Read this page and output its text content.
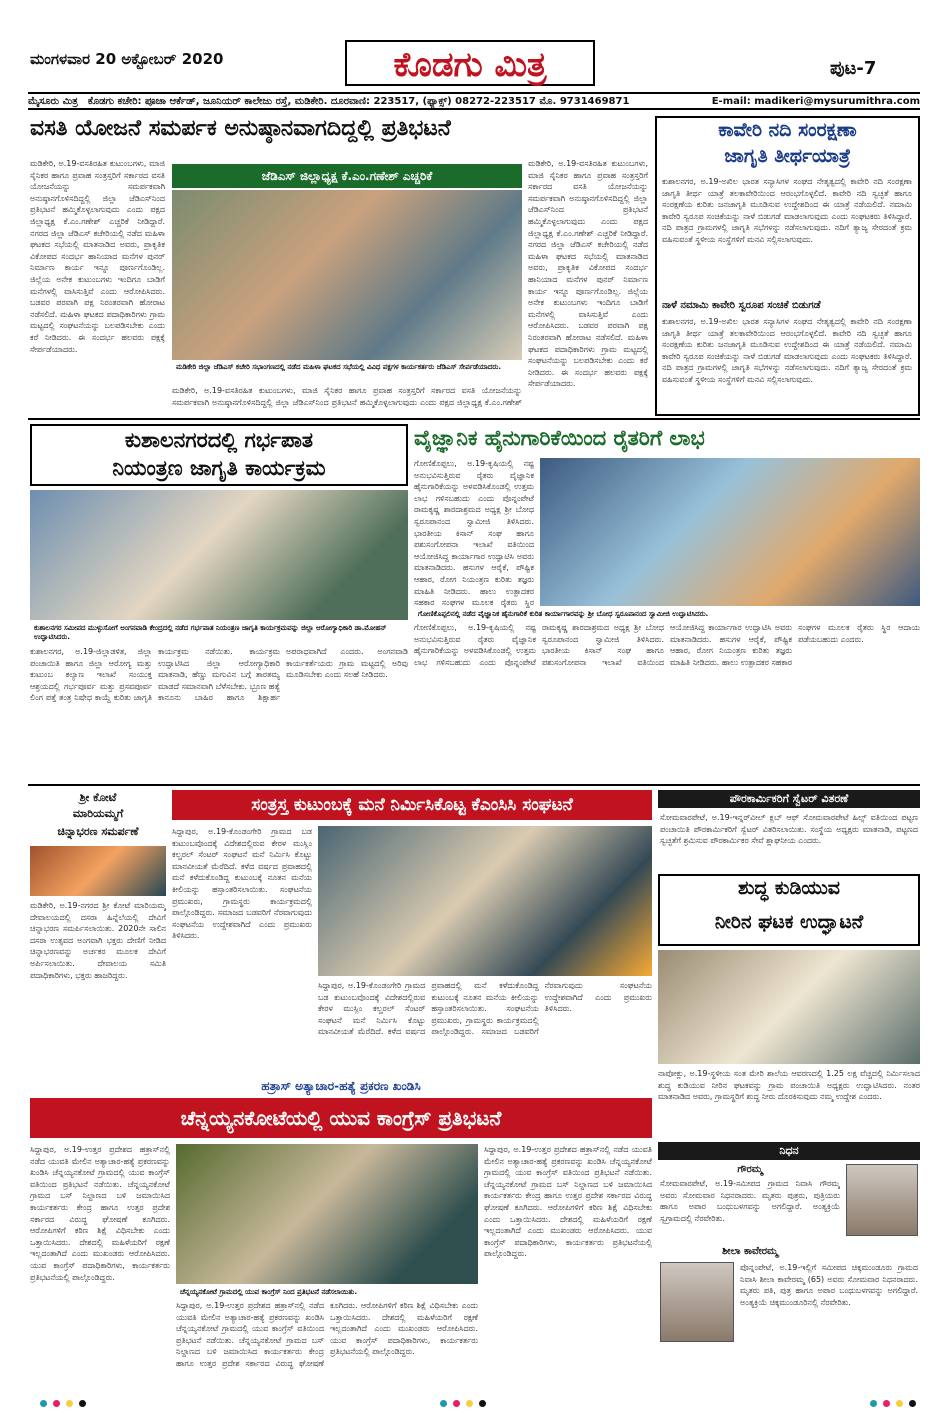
ಮಂಗಳವಾರ 20 ಅಕ್ಟೋಬರ್ 2020	ಕೊಡಗು ಮಿತ್ರ	ಪುಟ-7
ಮೈಸೂರು ಮಿತ್ರ ಕೊಡಗು ಕಚೇರಿ: ಪೂಜಾ ಆರ್ಕೆಡ್, ಜೂನಿಯರ್ ಕಾಲೇಜು ರಸ್ತೆ, ಮಡಿಕೇರಿ. ದೂರವಾಣಿ: 223517, (ಫ್ಯಾಕ್ಸ್) 08272-223517 ಮೊ. 9731469871	E-mail: madikeri@mysurumithra.com
ವಸತಿ ಯೋಜನೆ ಸಮರ್ಪಕ ಅನುಷ್ಠಾನವಾಗದಿದ್ದಲ್ಲಿ ಪ್ರತಿಭಟನೆ
ಮಡಿಕೇರಿ, ಅ.19-ವಸತಿರಹಿತ ಕುಟುಂಬಗಳು, ಮಾಜಿ ಸೈನಿಕರ ಹಾಗೂ ಪ್ರವಾಹ ಸಂತ್ರಸ್ತರಿಗೆ ಸರ್ಕಾರದ ವಸತಿ ಯೋಜನೆಯನ್ನು ಸಮರ್ಪಕವಾಗಿ ಅನುಷ್ಠಾನಗೊಳಿಸದಿದ್ದಲ್ಲಿ ಜಿಲ್ಲಾ ಜೆಡಿಎಸ್‌ನಿಂದ ಪ್ರತಿಭಟನೆ ಹಮ್ಮಿಕೊಳ್ಳಲಾಗುವುದು ಎಂದು ಪಕ್ಷದ ಜಿಲ್ಲಾಧ್ಯಕ್ಷ ಕೆ.ಎಂ.ಗಣೇಶ್ ಎಚ್ಚರಿಕೆ ನೀಡಿದ್ದಾರೆ. ನಗರದ ಜಿಲ್ಲಾ ಜೆಡಿಎಸ್ ಕಚೇರಿಯಲ್ಲಿ ನಡೆದ ಮಹಿಳಾ ಘಟಕದ ಸಭೆಯಲ್ಲಿ ಮಾತನಾಡಿದ ಅವರು, ಪ್ರಾಕೃತಿಕ ವಿಕೋಪದ ಸಂದರ್ಭ ಹಾನಿಯಾದ ಮನೆಗಳ ಪುನರ್ ನಿರ್ಮಾಣ ಕಾರ್ಯ ಇನ್ನೂ ಪೂರ್ಣಗೊಂಡಿಲ್ಲ. ಜಿಲ್ಲೆಯ ಅನೇಕ ಕುಟುಂಬಗಳು ಇಂದಿಗೂ ಬಾಡಿಗೆ ಮನೆಗಳಲ್ಲಿ ವಾಸಿಸುತ್ತಿವೆ ಎಂದು ಆರೋಪಿಸಿದರು. ಬಡವರ ಪರವಾಗಿ ಪಕ್ಷ ನಿರಂತರವಾಗಿ ಹೋರಾಟ ನಡೆಸಲಿದೆ. ಮಹಿಳಾ ಘಟಕದ ಪದಾಧಿಕಾರಿಗಳು ಗ್ರಾಮ ಮಟ್ಟದಲ್ಲಿ ಸಂಘಟನೆಯನ್ನು ಬಲಪಡಿಸಬೇಕು ಎಂದು ಕರೆ ನೀಡಿದರು. ಈ ಸಂದರ್ಭ ಹಲವರು ಪಕ್ಷಕ್ಕೆ ಸೇರ್ಪಡೆಯಾದರು.
ಜೆಡಿಎಸ್ ಜಿಲ್ಲಾಧ್ಯಕ್ಷ ಕೆ.ಎಂ.ಗಣೇಶ್ ಎಚ್ಚರಿಕೆ
ಮಡಿಕೇರಿ ಜಿಲ್ಲಾ ಜೆಡಿಎಸ್ ಕಚೇರಿ ಸಭಾಂಗಣದಲ್ಲಿ ನಡೆದ ಮಹಿಳಾ ಘಟಕದ ಸಭೆಯಲ್ಲಿ ವಿವಿಧ ಪಕ್ಷಗಳ ಕಾರ್ಯಕರ್ತರು ಜೆಡಿಎಸ್ ಸೇರ್ಪಡೆಯಾದರು.
ಮಡಿಕೇರಿ, ಅ.19-ವಸತಿರಹಿತ ಕುಟುಂಬಗಳು, ಮಾಜಿ ಸೈನಿಕರ ಹಾಗೂ ಪ್ರವಾಹ ಸಂತ್ರಸ್ತರಿಗೆ ಸರ್ಕಾರದ ವಸತಿ ಯೋಜನೆಯನ್ನು ಸಮರ್ಪಕವಾಗಿ ಅನುಷ್ಠಾನಗೊಳಿಸದಿದ್ದಲ್ಲಿ ಜಿಲ್ಲಾ ಜೆಡಿಎಸ್‌ನಿಂದ ಪ್ರತಿಭಟನೆ ಹಮ್ಮಿಕೊಳ್ಳಲಾಗುವುದು ಎಂದು ಪಕ್ಷದ ಜಿಲ್ಲಾಧ್ಯಕ್ಷ ಕೆ.ಎಂ.ಗಣೇಶ್
ಮಡಿಕೇರಿ, ಅ.19-ವಸತಿರಹಿತ ಕುಟುಂಬಗಳು, ಮಾಜಿ ಸೈನಿಕರ ಹಾಗೂ ಪ್ರವಾಹ ಸಂತ್ರಸ್ತರಿಗೆ ಸರ್ಕಾರದ ವಸತಿ ಯೋಜನೆಯನ್ನು ಸಮರ್ಪಕವಾಗಿ ಅನುಷ್ಠಾನಗೊಳಿಸದಿದ್ದಲ್ಲಿ ಜಿಲ್ಲಾ ಜೆಡಿಎಸ್‌ನಿಂದ ಪ್ರತಿಭಟನೆ ಹಮ್ಮಿಕೊಳ್ಳಲಾಗುವುದು ಎಂದು ಪಕ್ಷದ ಜಿಲ್ಲಾಧ್ಯಕ್ಷ ಕೆ.ಎಂ.ಗಣೇಶ್ ಎಚ್ಚರಿಕೆ ನೀಡಿದ್ದಾರೆ. ನಗರದ ಜಿಲ್ಲಾ ಜೆಡಿಎಸ್ ಕಚೇರಿಯಲ್ಲಿ ನಡೆದ ಮಹಿಳಾ ಘಟಕದ ಸಭೆಯಲ್ಲಿ ಮಾತನಾಡಿದ ಅವರು, ಪ್ರಾಕೃತಿಕ ವಿಕೋಪದ ಸಂದರ್ಭ ಹಾನಿಯಾದ ಮನೆಗಳ ಪುನರ್ ನಿರ್ಮಾಣ ಕಾರ್ಯ ಇನ್ನೂ ಪೂರ್ಣಗೊಂಡಿಲ್ಲ. ಜಿಲ್ಲೆಯ ಅನೇಕ ಕುಟುಂಬಗಳು ಇಂದಿಗೂ ಬಾಡಿಗೆ ಮನೆಗಳಲ್ಲಿ ವಾಸಿಸುತ್ತಿವೆ ಎಂದು ಆರೋಪಿಸಿದರು. ಬಡವರ ಪರವಾಗಿ ಪಕ್ಷ ನಿರಂತರವಾಗಿ ಹೋರಾಟ ನಡೆಸಲಿದೆ. ಮಹಿಳಾ ಘಟಕದ ಪದಾಧಿಕಾರಿಗಳು ಗ್ರಾಮ ಮಟ್ಟದಲ್ಲಿ ಸಂಘಟನೆಯನ್ನು ಬಲಪಡಿಸಬೇಕು ಎಂದು ಕರೆ ನೀಡಿದರು. ಈ ಸಂದರ್ಭ ಹಲವರು ಪಕ್ಷಕ್ಕೆ ಸೇರ್ಪಡೆಯಾದರು.
ಕಾವೇರಿ ನದಿ ಸಂರಕ್ಷಣಾ
ಜಾಗೃತಿ ತೀರ್ಥಯಾತ್ರೆ
ಕುಶಾಲನಗರ, ಅ.19-ಅಖಿಲ ಭಾರತ ಸನ್ಯಾಸಿಗಳ ಸಂಘದ ನೇತೃತ್ವದಲ್ಲಿ ಕಾವೇರಿ ನದಿ ಸಂರಕ್ಷಣಾ ಜಾಗೃತಿ ತೀರ್ಥ ಯಾತ್ರೆ ತಲಕಾವೇರಿಯಿಂದ ಆರಂಭಗೊಳ್ಳಲಿದೆ. ಕಾವೇರಿ ನದಿ ಸ್ವಚ್ಛತೆ ಹಾಗೂ ಸಂರಕ್ಷಣೆಯ ಕುರಿತು ಜನಜಾಗೃತಿ ಮೂಡಿಸುವ ಉದ್ದೇಶದಿಂದ ಈ ಯಾತ್ರೆ ನಡೆಯಲಿದೆ. ನಮಾಮಿ ಕಾವೇರಿ ಸ್ವರೂಪ ಸಂಚಿಕೆಯನ್ನು ನಾಳೆ ಬಿಡುಗಡೆ ಮಾಡಲಾಗುವುದು ಎಂದು ಸಂಘಟಕರು ತಿಳಿಸಿದ್ದಾರೆ. ನದಿ ಪಾತ್ರದ ಗ್ರಾಮಗಳಲ್ಲಿ ಜಾಗೃತಿ ಸಭೆಗಳನ್ನು ನಡೆಸಲಾಗುವುದು. ನದಿಗೆ ತ್ಯಾಜ್ಯ ಸೇರದಂತೆ ಕ್ರಮ ವಹಿಸುವಂತೆ ಸ್ಥಳೀಯ ಸಂಸ್ಥೆಗಳಿಗೆ ಮನವಿ ಸಲ್ಲಿಸಲಾಗುವುದು.
ನಾಳೆ ನಮಾಮಿ ಕಾವೇರಿ ಸ್ವರೂಪ ಸಂಚಿಕೆ ಬಿಡುಗಡೆ
ಕುಶಾಲನಗರ, ಅ.19-ಅಖಿಲ ಭಾರತ ಸನ್ಯಾಸಿಗಳ ಸಂಘದ ನೇತೃತ್ವದಲ್ಲಿ ಕಾವೇರಿ ನದಿ ಸಂರಕ್ಷಣಾ ಜಾಗೃತಿ ತೀರ್ಥ ಯಾತ್ರೆ ತಲಕಾವೇರಿಯಿಂದ ಆರಂಭಗೊಳ್ಳಲಿದೆ. ಕಾವೇರಿ ನದಿ ಸ್ವಚ್ಛತೆ ಹಾಗೂ ಸಂರಕ್ಷಣೆಯ ಕುರಿತು ಜನಜಾಗೃತಿ ಮೂಡಿಸುವ ಉದ್ದೇಶದಿಂದ ಈ ಯಾತ್ರೆ ನಡೆಯಲಿದೆ. ನಮಾಮಿ ಕಾವೇರಿ ಸ್ವರೂಪ ಸಂಚಿಕೆಯನ್ನು ನಾಳೆ ಬಿಡುಗಡೆ ಮಾಡಲಾಗುವುದು ಎಂದು ಸಂಘಟಕರು ತಿಳಿಸಿದ್ದಾರೆ. ನದಿ ಪಾತ್ರದ ಗ್ರಾಮಗಳಲ್ಲಿ ಜಾಗೃತಿ ಸಭೆಗಳನ್ನು ನಡೆಸಲಾಗುವುದು. ನದಿಗೆ ತ್ಯಾಜ್ಯ ಸೇರದಂತೆ ಕ್ರಮ ವಹಿಸುವಂತೆ ಸ್ಥಳೀಯ ಸಂಸ್ಥೆಗಳಿಗೆ ಮನವಿ ಸಲ್ಲಿಸಲಾಗುವುದು.
ಕುಶಾಲನಗರದಲ್ಲಿ ಗರ್ಭಪಾತ
ನಿಯಂತ್ರಣ ಜಾಗೃತಿ ಕಾರ್ಯಕ್ರಮ
ಕುಶಾಲನಗರ ಸಮೀಪದ ಮುಳ್ಳುಸೋಗೆ ಅಂಗನವಾಡಿ ಕೇಂದ್ರದಲ್ಲಿ ನಡೆದ ಗರ್ಭಪಾತ ನಿಯಂತ್ರಣ ಜಾಗೃತಿ ಕಾರ್ಯಕ್ರಮವನ್ನು ಜಿಲ್ಲಾ ಆರೋಗ್ಯಾಧಿಕಾರಿ ಡಾ.ಮೋಹನ್ ಉದ್ಘಾಟಿಸಿದರು.
ಕುಶಾಲನಗರ, ಅ.19-ಜಿಲ್ಲಾಡಳಿತ, ಜಿಲ್ಲಾ ಪಂಚಾಯಿತಿ ಹಾಗೂ ಜಿಲ್ಲಾ ಆರೋಗ್ಯ ಮತ್ತು ಕುಟುಂಬ ಕಲ್ಯಾಣ ಇಲಾಖೆ ಸಂಯುಕ್ತ ಆಶ್ರಯದಲ್ಲಿ ಗರ್ಭಪೂರ್ವ ಮತ್ತು ಪ್ರಸವಪೂರ್ವ ಲಿಂಗ ಪತ್ತೆ ತಂತ್ರ ನಿಷೇಧ ಕಾಯ್ದೆ ಕುರಿತು ಜಾಗೃತಿ ಕಾರ್ಯಕ್ರಮ ನಡೆಯಿತು. ಕಾರ್ಯಕ್ರಮ ಉದ್ಘಾಟಿಸಿದ ಜಿಲ್ಲಾ ಆರೋಗ್ಯಾಧಿಕಾರಿ ಮಾತನಾಡಿ, ಹೆಣ್ಣು ಮಗುವಿನ ಬಗ್ಗೆ ತಾರತಮ್ಯ ಮಾಡದೆ ಸಮಾನವಾಗಿ ಬೆಳೆಸಬೇಕು. ಭ್ರೂಣ ಹತ್ಯೆ ಕಾನೂನು ಬಾಹಿರ ಹಾಗೂ ಶಿಕ್ಷಾರ್ಹ ಅಪರಾಧವಾಗಿದೆ ಎಂದರು. ಅಂಗನವಾಡಿ ಕಾರ್ಯಕರ್ತೆಯರು ಗ್ರಾಮ ಮಟ್ಟದಲ್ಲಿ ಅರಿವು ಮೂಡಿಸಬೇಕು ಎಂದು ಸಲಹೆ ನೀಡಿದರು.
ವೈಜ್ಞಾನಿಕ ಹೈನುಗಾರಿಕೆಯಿಂದ ರೈತರಿಗೆ ಲಾಭ
ಗೋಣಿಕೊಪ್ಪಲು, ಅ.19-ಕೃಷಿಯಲ್ಲಿ ನಷ್ಟ ಅನುಭವಿಸುತ್ತಿರುವ ರೈತರು ವೈಜ್ಞಾನಿಕ ಹೈನುಗಾರಿಕೆಯನ್ನು ಅಳವಡಿಸಿಕೊಂಡಲ್ಲಿ ಉತ್ತಮ ಲಾಭ ಗಳಿಸಬಹುದು ಎಂದು ಪೊನ್ನಂಪೇಟೆ ರಾಮಕೃಷ್ಣ ಶಾರದಾಶ್ರಮದ ಅಧ್ಯಕ್ಷ ಶ್ರೀ ಬೋಧ ಸ್ವರೂಪಾನಂದ ಸ್ವಾಮೀಜಿ ತಿಳಿಸಿದರು. ಭಾರತೀಯ ಕಿಸಾನ್ ಸಂಘ ಹಾಗೂ ಪಶುಸಂಗೋಪನಾ ಇಲಾಖೆ ವತಿಯಿಂದ ಆಯೋಜಿಸಿದ್ದ ಕಾರ್ಯಾಗಾರ ಉದ್ಘಾಟಿಸಿ ಅವರು ಮಾತನಾಡಿದರು. ಹಸುಗಳ ಆರೈಕೆ, ಪೌಷ್ಟಿಕ ಆಹಾರ, ರೋಗ ನಿಯಂತ್ರಣ ಕುರಿತು ತಜ್ಞರು ಮಾಹಿತಿ ನೀಡಿದರು. ಹಾಲು ಉತ್ಪಾದಕರ ಸಹಕಾರ ಸಂಘಗಳ ಮೂಲಕ ರೈತರು ಸ್ಥಿರ
ಗೋಣಿಕೊಪ್ಪಲಿನಲ್ಲಿ ನಡೆದ ವೈಜ್ಞಾನಿಕ ಹೈನುಗಾರಿಕೆ ಕುರಿತ ಕಾರ್ಯಾಗಾರವನ್ನು ಶ್ರೀ ಬೋಧ ಸ್ವರೂಪಾನಂದ ಸ್ವಾಮೀಜಿ ಉದ್ಘಾಟಿಸಿದರು.
ಗೋಣಿಕೊಪ್ಪಲು, ಅ.19-ಕೃಷಿಯಲ್ಲಿ ನಷ್ಟ ಅನುಭವಿಸುತ್ತಿರುವ ರೈತರು ವೈಜ್ಞಾನಿಕ ಹೈನುಗಾರಿಕೆಯನ್ನು ಅಳವಡಿಸಿಕೊಂಡಲ್ಲಿ ಉತ್ತಮ ಲಾಭ ಗಳಿಸಬಹುದು ಎಂದು ಪೊನ್ನಂಪೇಟೆ ರಾಮಕೃಷ್ಣ ಶಾರದಾಶ್ರಮದ ಅಧ್ಯಕ್ಷ ಶ್ರೀ ಬೋಧ ಸ್ವರೂಪಾನಂದ ಸ್ವಾಮೀಜಿ ತಿಳಿಸಿದರು. ಭಾರತೀಯ ಕಿಸಾನ್ ಸಂಘ ಹಾಗೂ ಪಶುಸಂಗೋಪನಾ ಇಲಾಖೆ ವತಿಯಿಂದ ಆಯೋಜಿಸಿದ್ದ ಕಾರ್ಯಾಗಾರ ಉದ್ಘಾಟಿಸಿ ಅವರು ಮಾತನಾಡಿದರು. ಹಸುಗಳ ಆರೈಕೆ, ಪೌಷ್ಟಿಕ ಆಹಾರ, ರೋಗ ನಿಯಂತ್ರಣ ಕುರಿತು ತಜ್ಞರು ಮಾಹಿತಿ ನೀಡಿದರು. ಹಾಲು ಉತ್ಪಾದಕರ ಸಹಕಾರ ಸಂಘಗಳ ಮೂಲಕ ರೈತರು ಸ್ಥಿರ ಆದಾಯ ಪಡೆಯಬಹುದು ಎಂದರು.
ಶ್ರೀ ಕೋಟೆ
ಮಾರಿಯಮ್ಮಗೆ
ಚಿನ್ನಾಭರಣ ಸಮರ್ಪಣೆ
ಮಡಿಕೇರಿ, ಅ.19-ನಗರದ ಶ್ರೀ ಕೋಟೆ ಮಾರಿಯಮ್ಮ ದೇವಾಲಯದಲ್ಲಿ ದಸರಾ ಹಿನ್ನೆಲೆಯಲ್ಲಿ ದೇವಿಗೆ ಚಿನ್ನಾಭರಣ ಸಮರ್ಪಿಸಲಾಯಿತು. 2020ನೇ ಸಾಲಿನ ದಸರಾ ಉತ್ಸವದ ಅಂಗವಾಗಿ ಭಕ್ತರು ದೇಣಿಗೆ ನೀಡಿದ ಚಿನ್ನಾಭರಣವನ್ನು ಅರ್ಚಕರ ಮೂಲಕ ದೇವಿಗೆ ಅರ್ಪಿಸಲಾಯಿತು. ದೇವಾಲಯ ಸಮಿತಿ ಪದಾಧಿಕಾರಿಗಳು, ಭಕ್ತರು ಹಾಜರಿದ್ದರು.
ಸಂತ್ರಸ್ತ ಕುಟುಂಬಕ್ಕೆ ಮನೆ ನಿರ್ಮಿಸಿಕೊಟ್ಟ ಕೆಎಂಸಿಸಿ ಸಂಘಟನೆ
ಸಿದ್ದಾಪುರ, ಅ.19-ಕೊಂಡಂಗೇರಿ ಗ್ರಾಮದ ಬಡ ಕುಟುಂಬವೊಂದಕ್ಕೆ ವಿದೇಶದಲ್ಲಿರುವ ಕೇರಳ ಮುಸ್ಲಿಂ ಕಲ್ಚರಲ್ ಸೆಂಟರ್ ಸಂಘಟನೆ ಮನೆ ನಿರ್ಮಿಸಿ ಕೊಟ್ಟು ಮಾನವೀಯತೆ ಮೆರೆದಿದೆ. ಕಳೆದ ವರ್ಷದ ಪ್ರವಾಹದಲ್ಲಿ ಮನೆ ಕಳೆದುಕೊಂಡಿದ್ದ ಕುಟುಂಬಕ್ಕೆ ನೂತನ ಮನೆಯ ಕೀಲಿಯನ್ನು ಹಸ್ತಾಂತರಿಸಲಾಯಿತು. ಸಂಘಟನೆಯ ಪ್ರಮುಖರು, ಗ್ರಾಮಸ್ಥರು ಕಾರ್ಯಕ್ರಮದಲ್ಲಿ ಪಾಲ್ಗೊಂಡಿದ್ದರು. ಸಮಾಜದ ಬಡವರಿಗೆ ನೆರವಾಗುವುದು ಸಂಘಟನೆಯ ಉದ್ದೇಶವಾಗಿದೆ ಎಂದು ಪ್ರಮುಖರು ತಿಳಿಸಿದರು.
ಸಿದ್ದಾಪುರ, ಅ.19-ಕೊಂಡಂಗೇರಿ ಗ್ರಾಮದ ಬಡ ಕುಟುಂಬವೊಂದಕ್ಕೆ ವಿದೇಶದಲ್ಲಿರುವ ಕೇರಳ ಮುಸ್ಲಿಂ ಕಲ್ಚರಲ್ ಸೆಂಟರ್ ಸಂಘಟನೆ ಮನೆ ನಿರ್ಮಿಸಿ ಕೊಟ್ಟು ಮಾನವೀಯತೆ ಮೆರೆದಿದೆ. ಕಳೆದ ವರ್ಷದ ಪ್ರವಾಹದಲ್ಲಿ ಮನೆ ಕಳೆದುಕೊಂಡಿದ್ದ ಕುಟುಂಬಕ್ಕೆ ನೂತನ ಮನೆಯ ಕೀಲಿಯನ್ನು ಹಸ್ತಾಂತರಿಸಲಾಯಿತು. ಸಂಘಟನೆಯ ಪ್ರಮುಖರು, ಗ್ರಾಮಸ್ಥರು ಕಾರ್ಯಕ್ರಮದಲ್ಲಿ ಪಾಲ್ಗೊಂಡಿದ್ದರು. ಸಮಾಜದ ಬಡವರಿಗೆ ನೆರವಾಗುವುದು ಸಂಘಟನೆಯ ಉದ್ದೇಶವಾಗಿದೆ ಎಂದು ಪ್ರಮುಖರು ತಿಳಿಸಿದರು.
ಪೌರಕಾರ್ಮಿಕರಿಗೆ ಸ್ವೆಟರ್ ವಿತರಣೆ
ಸೋಮವಾರಪೇಟೆ, ಅ.19-ಇನ್ನರ್‌ವೀಲ್ ಕ್ಲಬ್ ಆಫ್ ಸೋಮವಾರಪೇಟೆ ಹಿಲ್ಸ್ ವತಿಯಿಂದ ಪಟ್ಟಣ ಪಂಚಾಯಿತಿ ಪೌರಕಾರ್ಮಿಕರಿಗೆ ಸ್ವೆಟರ್ ವಿತರಿಸಲಾಯಿತು. ಸಂಸ್ಥೆಯ ಅಧ್ಯಕ್ಷರು ಮಾತನಾಡಿ, ಪಟ್ಟಣದ ಸ್ವಚ್ಛತೆಗೆ ಶ್ರಮಿಸುವ ಪೌರಕಾರ್ಮಿಕರ ಸೇವೆ ಶ್ಲಾಘನೀಯ ಎಂದರು.
ಶುದ್ಧ ಕುಡಿಯುವ
ನೀರಿನ ಘಟಕ ಉದ್ಘಾಟನೆ
ನಾಪೋಕ್ಲು, ಅ.19-ಸ್ಥಳೀಯ ಸಂತ ಮೇರಿ ಶಾಲೆಯ ಆವರಣದಲ್ಲಿ 1.25 ಲಕ್ಷ ವೆಚ್ಚದಲ್ಲಿ ನಿರ್ಮಿಸಲಾದ ಶುದ್ಧ ಕುಡಿಯುವ ನೀರಿನ ಘಟಕವನ್ನು ಗ್ರಾಮ ಪಂಚಾಯಿತಿ ಅಧ್ಯಕ್ಷರು ಉದ್ಘಾಟಿಸಿದರು. ನಂತರ ಮಾತನಾಡಿದ ಅವರು, ಗ್ರಾಮಸ್ಥರಿಗೆ ಶುದ್ಧ ನೀರು ದೊರಕಿಸುವುದು ನಮ್ಮ ಉದ್ದೇಶ ಎಂದರು.
ಹತ್ರಾಸ್ ಅತ್ಯಾಚಾರ-ಹತ್ಯೆ ಪ್ರಕರಣ ಖಂಡಿಸಿ
ಚೆನ್ನಯ್ಯನಕೋಟೆಯಲ್ಲಿ ಯುವ ಕಾಂಗ್ರೆಸ್ ಪ್ರತಿಭಟನೆ
ಸಿದ್ದಾಪುರ, ಅ.19-ಉತ್ತರ ಪ್ರದೇಶದ ಹತ್ರಾಸ್‌ನಲ್ಲಿ ನಡೆದ ಯುವತಿ ಮೇಲಿನ ಅತ್ಯಾಚಾರ-ಹತ್ಯೆ ಪ್ರಕರಣವನ್ನು ಖಂಡಿಸಿ ಚೆನ್ನಯ್ಯನಕೋಟೆ ಗ್ರಾಮದಲ್ಲಿ ಯುವ ಕಾಂಗ್ರೆಸ್ ವತಿಯಿಂದ ಪ್ರತಿಭಟನೆ ನಡೆಯಿತು. ಚೆನ್ನಯ್ಯನಕೋಟೆ ಗ್ರಾಮದ ಬಸ್ ನಿಲ್ದಾಣದ ಬಳಿ ಜಮಾಯಿಸಿದ ಕಾರ್ಯಕರ್ತರು ಕೇಂದ್ರ ಹಾಗೂ ಉತ್ತರ ಪ್ರದೇಶ ಸರ್ಕಾರದ ವಿರುದ್ಧ ಘೋಷಣೆ ಕೂಗಿದರು. ಆರೋಪಿಗಳಿಗೆ ಕಠಿಣ ಶಿಕ್ಷೆ ವಿಧಿಸಬೇಕು ಎಂದು ಒತ್ತಾಯಿಸಿದರು. ದೇಶದಲ್ಲಿ ಮಹಿಳೆಯರಿಗೆ ರಕ್ಷಣೆ ಇಲ್ಲದಂತಾಗಿದೆ ಎಂದು ಮುಖಂಡರು ಆರೋಪಿಸಿದರು. ಯುವ ಕಾಂಗ್ರೆಸ್ ಪದಾಧಿಕಾರಿಗಳು, ಕಾರ್ಯಕರ್ತರು ಪ್ರತಿಭಟನೆಯಲ್ಲಿ ಪಾಲ್ಗೊಂಡಿದ್ದರು.
ಚೆನ್ನಯ್ಯನಕೋಟೆ ಗ್ರಾಮದಲ್ಲಿ ಯುವ ಕಾಂಗ್ರೆಸ್ ನಿಂದ ಪ್ರತಿಭಟನೆ ನಡೆಸಲಾಯಿತು.
ಸಿದ್ದಾಪುರ, ಅ.19-ಉತ್ತರ ಪ್ರದೇಶದ ಹತ್ರಾಸ್‌ನಲ್ಲಿ ನಡೆದ ಯುವತಿ ಮೇಲಿನ ಅತ್ಯಾಚಾರ-ಹತ್ಯೆ ಪ್ರಕರಣವನ್ನು ಖಂಡಿಸಿ ಚೆನ್ನಯ್ಯನಕೋಟೆ ಗ್ರಾಮದಲ್ಲಿ ಯುವ ಕಾಂಗ್ರೆಸ್ ವತಿಯಿಂದ ಪ್ರತಿಭಟನೆ ನಡೆಯಿತು. ಚೆನ್ನಯ್ಯನಕೋಟೆ ಗ್ರಾಮದ ಬಸ್ ನಿಲ್ದಾಣದ ಬಳಿ ಜಮಾಯಿಸಿದ ಕಾರ್ಯಕರ್ತರು ಕೇಂದ್ರ ಹಾಗೂ ಉತ್ತರ ಪ್ರದೇಶ ಸರ್ಕಾರದ ವಿರುದ್ಧ ಘೋಷಣೆ ಕೂಗಿದರು. ಆರೋಪಿಗಳಿಗೆ ಕಠಿಣ ಶಿಕ್ಷೆ ವಿಧಿಸಬೇಕು ಎಂದು ಒತ್ತಾಯಿಸಿದರು. ದೇಶದಲ್ಲಿ ಮಹಿಳೆಯರಿಗೆ ರಕ್ಷಣೆ ಇಲ್ಲದಂತಾಗಿದೆ ಎಂದು ಮುಖಂಡರು ಆರೋಪಿಸಿದರು. ಯುವ ಕಾಂಗ್ರೆಸ್ ಪದಾಧಿಕಾರಿಗಳು, ಕಾರ್ಯಕರ್ತರು ಪ್ರತಿಭಟನೆಯಲ್ಲಿ ಪಾಲ್ಗೊಂಡಿದ್ದರು.
ಸಿದ್ದಾಪುರ, ಅ.19-ಉತ್ತರ ಪ್ರದೇಶದ ಹತ್ರಾಸ್‌ನಲ್ಲಿ ನಡೆದ ಯುವತಿ ಮೇಲಿನ ಅತ್ಯಾಚಾರ-ಹತ್ಯೆ ಪ್ರಕರಣವನ್ನು ಖಂಡಿಸಿ ಚೆನ್ನಯ್ಯನಕೋಟೆ ಗ್ರಾಮದಲ್ಲಿ ಯುವ ಕಾಂಗ್ರೆಸ್ ವತಿಯಿಂದ ಪ್ರತಿಭಟನೆ ನಡೆಯಿತು. ಚೆನ್ನಯ್ಯನಕೋಟೆ ಗ್ರಾಮದ ಬಸ್ ನಿಲ್ದಾಣದ ಬಳಿ ಜಮಾಯಿಸಿದ ಕಾರ್ಯಕರ್ತರು ಕೇಂದ್ರ ಹಾಗೂ ಉತ್ತರ ಪ್ರದೇಶ ಸರ್ಕಾರದ ವಿರುದ್ಧ ಘೋಷಣೆ ಕೂಗಿದರು. ಆರೋಪಿಗಳಿಗೆ ಕಠಿಣ ಶಿಕ್ಷೆ ವಿಧಿಸಬೇಕು ಎಂದು ಒತ್ತಾಯಿಸಿದರು. ದೇಶದಲ್ಲಿ ಮಹಿಳೆಯರಿಗೆ ರಕ್ಷಣೆ ಇಲ್ಲದಂತಾಗಿದೆ ಎಂದು ಮುಖಂಡರು ಆರೋಪಿಸಿದರು. ಯುವ ಕಾಂಗ್ರೆಸ್ ಪದಾಧಿಕಾರಿಗಳು, ಕಾರ್ಯಕರ್ತರು ಪ್ರತಿಭಟನೆಯಲ್ಲಿ ಪಾಲ್ಗೊಂಡಿದ್ದರು.
ನಿಧನ
ಗೌರಮ್ಮ
ಸೋಮವಾರಪೇಟೆ, ಅ.19-ಸಮೀಪದ ಗ್ರಾಮದ ನಿವಾಸಿ ಗೌರಮ್ಮ ಅವರು ಸೋಮವಾರ ನಿಧನರಾದರು. ಮೃತರು ಪುತ್ರರು, ಪುತ್ರಿಯರು ಹಾಗೂ ಅಪಾರ ಬಂಧುಬಳಗವನ್ನು ಅಗಲಿದ್ದಾರೆ. ಅಂತ್ಯಕ್ರಿಯೆ ಸ್ವಗ್ರಾಮದಲ್ಲಿ ನೆರವೇರಿತು.
ಶೀಲಾ ಕಾವೇರಮ್ಮ
ಪೊನ್ನಂಪೇಟೆ, ಅ.19-ಇಲ್ಲಿಗೆ ಸಮೀಪದ ಚಿಕ್ಕಮುಂಡೂರು ಗ್ರಾಮದ ನಿವಾಸಿ ಶೀಲಾ ಕಾವೇರಮ್ಮ (65) ಅವರು ಸೋಮವಾರ ನಿಧನರಾದರು. ಮೃತರು ಪತಿ, ಪುತ್ರ ಹಾಗೂ ಅಪಾರ ಬಂಧುಬಳಗವನ್ನು ಅಗಲಿದ್ದಾರೆ. ಅಂತ್ಯಕ್ರಿಯೆ ಚಿಕ್ಕಮುಂಡೂರಿನಲ್ಲಿ ನೆರವೇರಿತು.
